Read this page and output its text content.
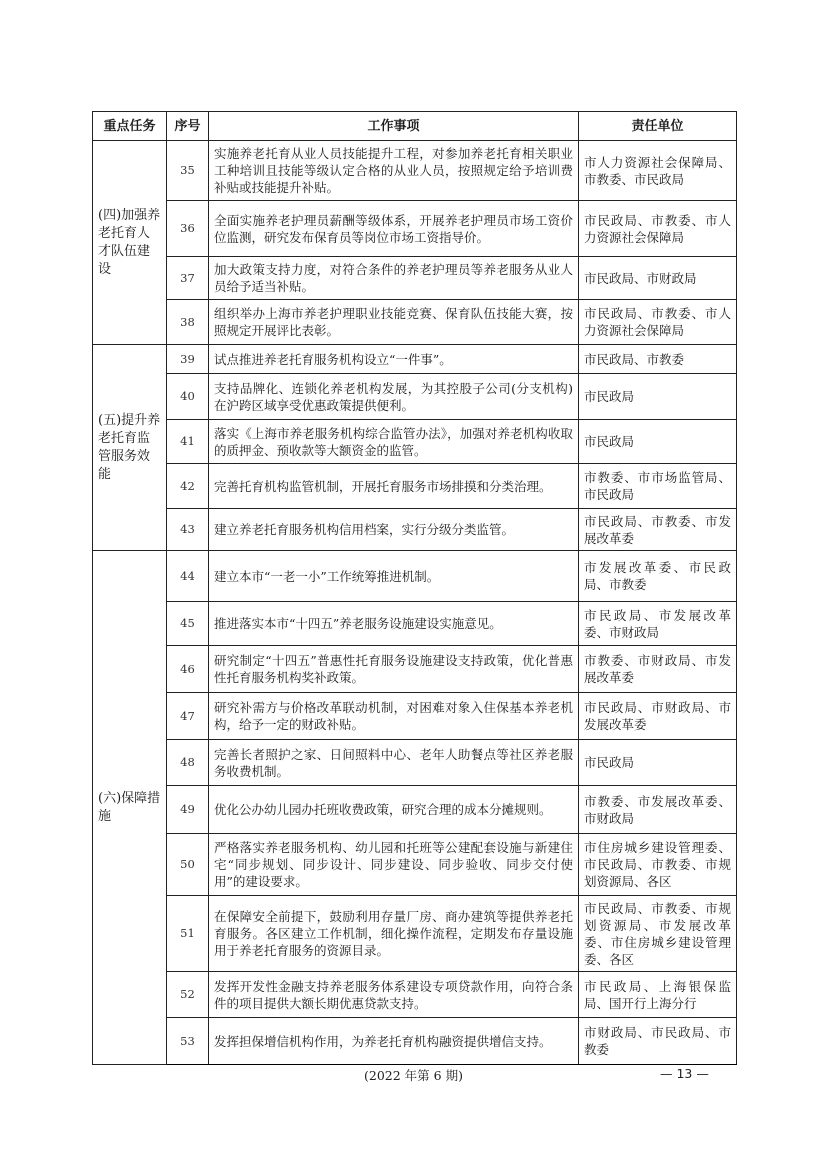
重点任务	序号	工作事项	责任单位
(四)加强养老托育人才队伍建设	35	实施养老托育从业人员技能提升工程，对参加养老托育相关职业工种培训且技能等级认定合格的从业人员，按照规定给予培训费补贴或技能提升补贴。	市人力资源社会保障局、市教委、市民政局
	36	全面实施养老护理员薪酬等级体系，开展养老护理员市场工资价位监测，研究发布保育员等岗位市场工资指导价。	市民政局、市教委、市人力资源社会保障局
	37	加大政策支持力度，对符合条件的养老护理员等养老服务从业人员给予适当补贴。	市民政局、市财政局
	38	组织举办上海市养老护理职业技能竞赛、保育队伍技能大赛，按照规定开展评比表彰。	市民政局、市教委、市人力资源社会保障局
(五)提升养老托育监管服务效能	39	试点推进养老托育服务机构设立“一件事”。	市民政局、市教委
	40	支持品牌化、连锁化养老机构发展，为其控股子公司(分支机构)在沪跨区域享受优惠政策提供便利。	市民政局
	41	落实《上海市养老服务机构综合监管办法》，加强对养老机构收取的质押金、预收款等大额资金的监管。	市民政局
	42	完善托育机构监管机制，开展托育服务市场排摸和分类治理。	市教委、市市场监管局、市民政局
	43	建立养老托育服务机构信用档案，实行分级分类监管。	市民政局、市教委、市发展改革委
(六)保障措施	44	建立本市“一老一小”工作统筹推进机制。	市发展改革委、市民政局、市教委
	45	推进落实本市“十四五”养老服务设施建设实施意见。	市民政局、市发展改革委、市财政局
	46	研究制定“十四五”普惠性托育服务设施建设支持政策，优化普惠性托育服务机构奖补政策。	市教委、市财政局、市发展改革委
	47	研究补需方与价格改革联动机制，对困难对象入住保基本养老机构，给予一定的财政补贴。	市民政局、市财政局、市发展改革委
	48	完善长者照护之家、日间照料中心、老年人助餐点等社区养老服务收费机制。	市民政局
	49	优化公办幼儿园办托班收费政策，研究合理的成本分摊规则。	市教委、市发展改革委、市财政局
	50	严格落实养老服务机构、幼儿园和托班等公建配套设施与新建住宅“同步规划、同步设计、同步建设、同步验收、同步交付使用”的建设要求。	市住房城乡建设管理委、市民政局、市教委、市规划资源局、各区
	51	在保障安全前提下，鼓励利用存量厂房、商办建筑等提供养老托育服务。各区建立工作机制，细化操作流程，定期发布存量设施用于养老托育服务的资源目录。	市民政局、市教委、市规划资源局、市发展改革委、市住房城乡建设管理委、各区
	52	发挥开发性金融支持养老服务体系建设专项贷款作用，向符合条件的项目提供大额长期优惠贷款支持。	市民政局、上海银保监局、国开行上海分行
	53	发挥担保增信机构作用，为养老托育机构融资提供增信支持。	市财政局、市民政局、市教委
(2022 年第 6 期)	— 13 —
